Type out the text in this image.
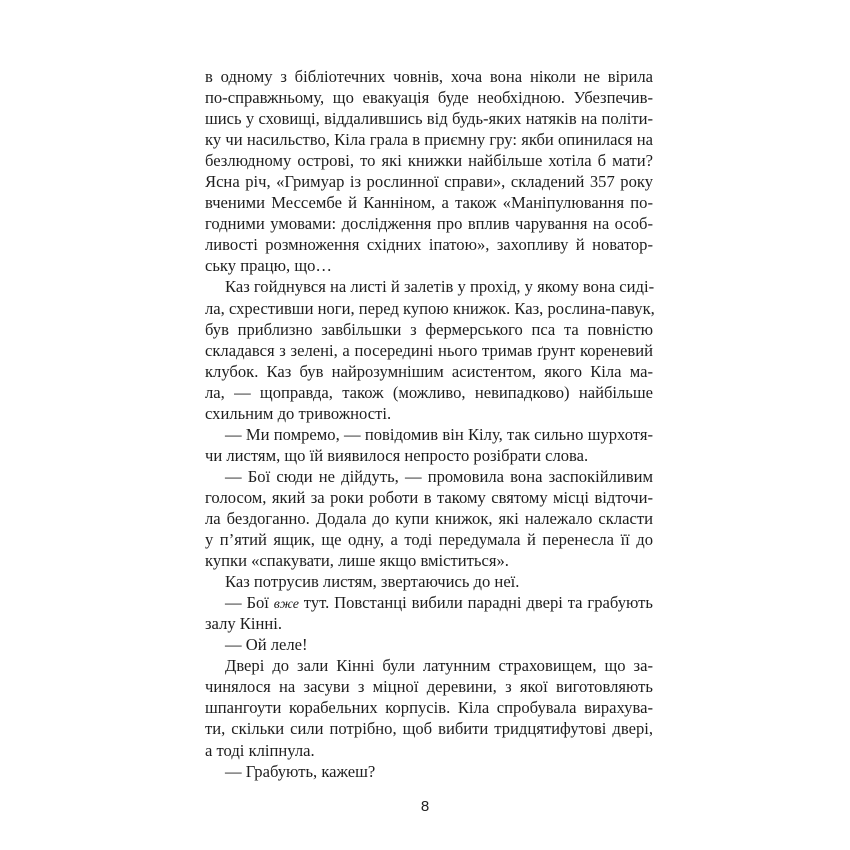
в одному з бібліотечних човнів, хоча вона ніколи не вірила
по-справжньому, що евакуація буде необхідною. Убезпечив-
шись у сховищі, віддалившись від будь-яких натяків на політи-
ку чи насильство, Кіла грала в приємну гру: якби опинилася на
безлюдному острові, то які книжки найбільше хотіла б мати?
Ясна річ, «Гримуар із рослинної справи», складений 357 року
вченими Мессембе й Канніном, а також «Маніпулювання по-
годними умовами: дослідження про вплив чарування на особ-
ливості розмноження східних іпатою», захопливу й новатор-
ську працю, що…
Каз гойднувся на листі й залетів у прохід, у якому вона сиді-
ла, схрестивши ноги, перед купою книжок. Каз, рослина-павук,
був приблизно завбільшки з фермерського пса та повністю
складався з зелені, а посередині нього тримав ґрунт кореневий
клубок. Каз був найрозумнішим асистентом, якого Кіла ма-
ла, — щоправда, також (можливо, невипадково) найбільше
схильним до тривожності.
— Ми помремо, — повідомив він Кілу, так сильно шурхотя-
чи листям, що їй виявилося непросто розібрати слова.
— Бої сюди не дійдуть, — промовила вона заспокійливим
голосом, який за роки роботи в такому святому місці відточи-
ла бездоганно. Додала до купи книжок, які належало скласти
у п’ятий ящик, ще одну, а тоді передумала й перенесла її до
купки «спакувати, лише якщо вміститься».
Каз потрусив листям, звертаючись до неї.
— Бої вже тут. Повстанці вибили парадні двері та грабують
залу Кінні.
— Ой леле!
Двері до зали Кінні були латунним страховищем, що за-
чинялося на засуви з міцної деревини, з якої виготовляють
шпангоути корабельних корпусів. Кіла спробувала вирахува-
ти, скільки сили потрібно, щоб вибити тридцятифутові двері,
а тоді кліпнула.
— Грабують, кажеш?
8
